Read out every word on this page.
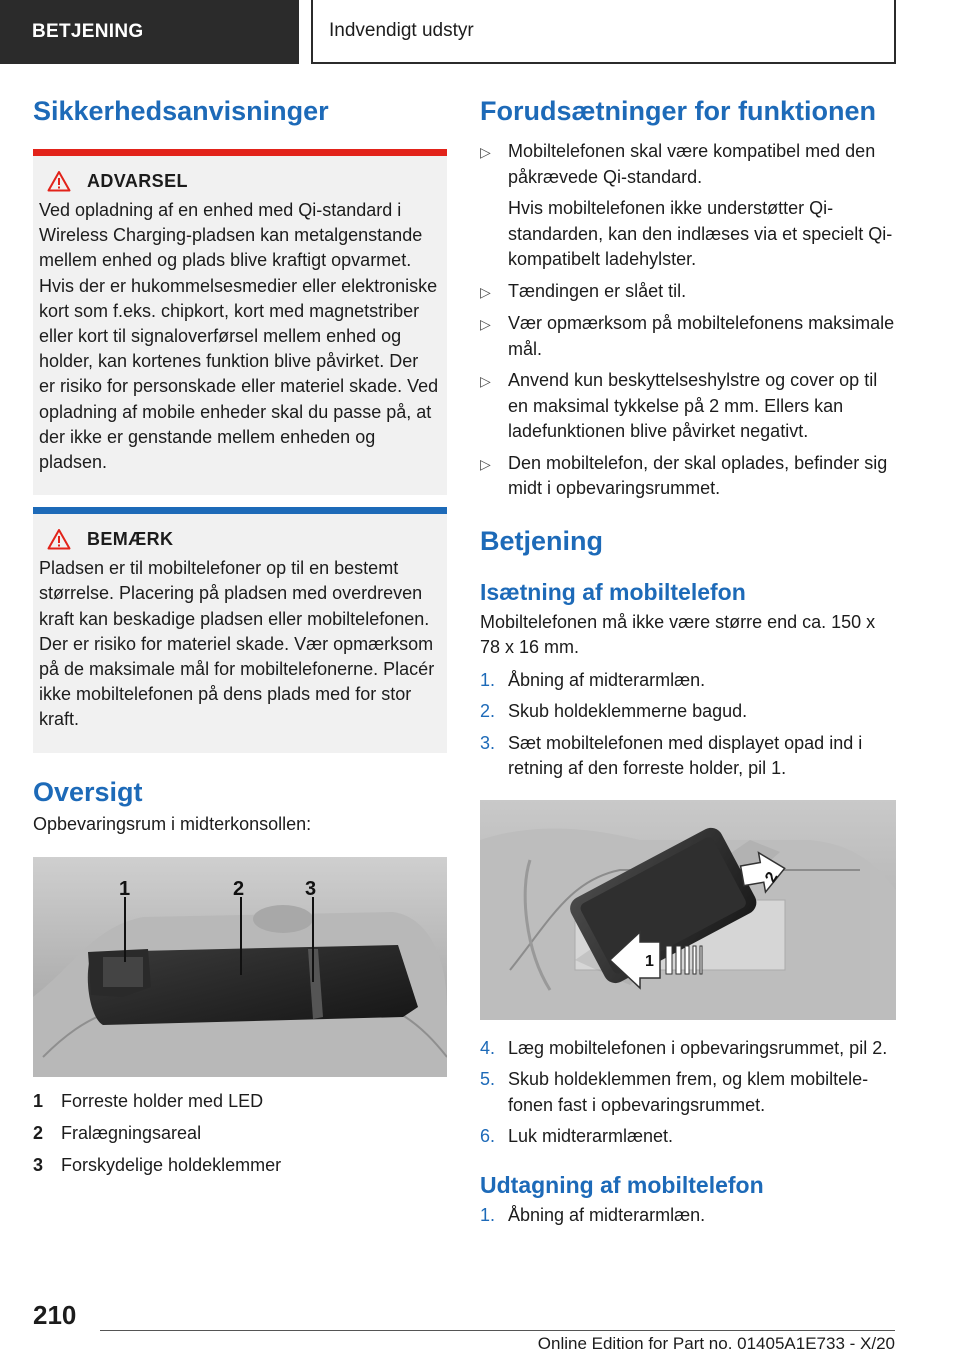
BETJENING	Indvendigt udstyr
Sikkerhedsanvisninger
ADVARSEL

Ved opladning af en enhed med Qi-standard i Wireless Charging-pladsen kan metalgenstande mellem enhed og plads blive kraftigt opvarmet. Hvis der er hukommelsesmedier eller elektroniske kort som f.eks. chipkort, kort med magnetstriber eller kort til signaloverførsel mellem enhed og holder, kan kortenes funktion blive påvirket. Der er risiko for personskade eller materiel skade. Ved opladning af mobile enheder skal du passe på, at der ikke er genstande mellem enheden og pladsen.

BEMÆRK

Pladsen er til mobiltelefoner op til en bestemt størrelse. Placering på pladsen med overdreven kraft kan beskadige pladsen eller mobiltelefonen. Der er risiko for materiel skade. Vær opmærksom på de maksimale mål for mobiltelefonerne. Placér ikke mobiltelefonen på dens plads med for stor kraft.

Oversigt

Opbevaringsrum i midterkonsollen:

1	2	3
1 Forreste holder med LED
2 Fralægningsareal
3 Forskydelige holdeklemmer
Forudsætninger for funktionen
▷ Mobiltelefonen skal være kompatibel med den påkrævede Qi-standard.
Hvis mobiltelefonen ikke understøtter Qi-standarden, kan den indlæses via et specielt Qi-kompatibelt ladehylster.
▷ Tændingen er slået til.
▷ Vær opmærksom på mobiltelefonens maksimale mål.
▷ Anvend kun beskyttelseshylstre og cover op til en maksimal tykkelse på 2 mm. Ellers kan ladefunktionen blive påvirket negativt.
▷ Den mobiltelefon, der skal oplades, befinder sig midt i opbevaringsrummet.
Betjening
Isætning af mobiltelefon

Mobiltelefonen må ikke være større end ca. 150 x 78 x 16 mm.

1. Åbning af midterarmlæn.
2. Skub holdeklemmerne bagud.
3. Sæt mobiltelefonen med displayet opad ind i retning af den forreste holder, pil 1.
2
1
4. Læg mobiltelefonen i opbevaringsrummet, pil 2.
5. Skub holdeklemmen frem, og klem mobiltelefonen fast i opbevaringsrummet.
6. Luk midterarmlænet.
Udtagning af mobiltelefon
1. Åbning af midterarmlæn.
210
Online Edition for Part no. 01405A1E733 - X/20
